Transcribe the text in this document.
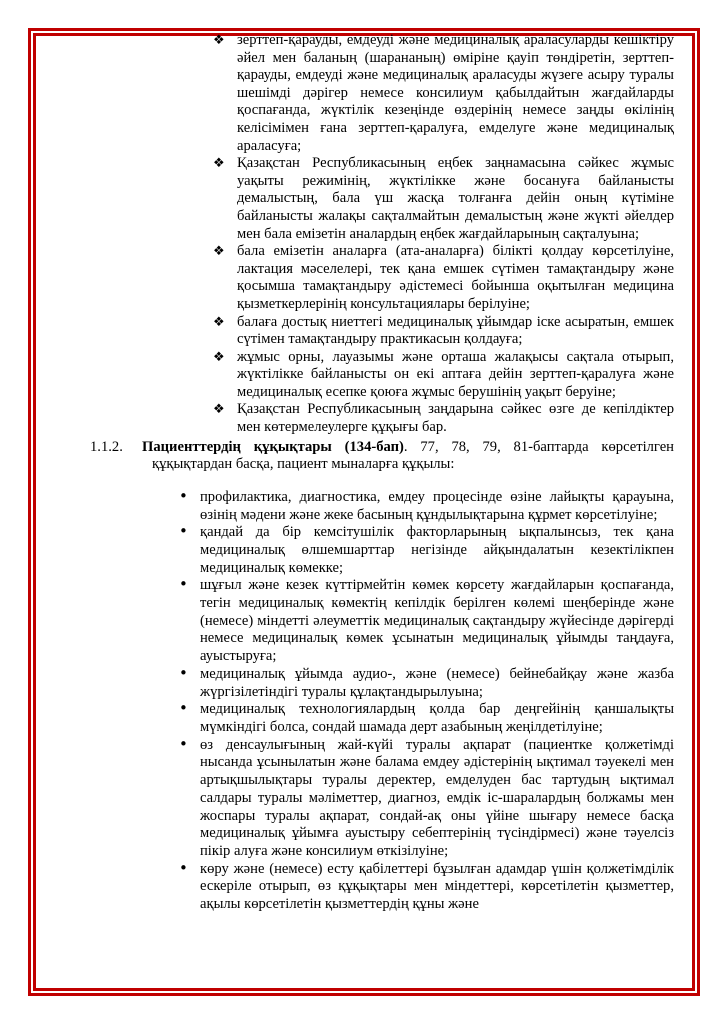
❖ зерттеп-қарауды, емдеуді және медициналық араласуларды кешіктіру әйел мен баланың (шарананың) өміріне қауіп төндіретін, зерттеп-қарауды, емдеуді және медициналық араласуды жүзеге асыру туралы шешімді дәрігер немесе консилиум қабылдайтын жағдайларды қоспағанда, жүктілік кезеңінде өздерінің немесе заңды өкілінің келісімімен ғана зерттеп-қаралуға, емделуге және медициналық араласуға;
❖ Қазақстан Республикасының еңбек заңнамасына сәйкес жұмыс уақыты режимінің, жүктілікке және босануға байланысты демалыстың, бала үш жасқа толғанға дейін оның күтіміне байланысты жалақы сақталмайтын демалыстың және жүкті әйелдер мен бала емізетін аналардың еңбек жағдайларының сақталуына;
❖ бала емізетін аналарға (ата-аналарға) білікті қолдау көрсетілуіне, лактация мәселелері, тек қана емшек сүтімен тамақтандыру және қосымша тамақтандыру әдістемесі бойынша оқытылған медицина қызметкерлерінің консультациялары берілуіне;
❖ балаға достық ниеттегі медициналық ұйымдар іске асыратын, емшек сүтімен тамақтандыру практикасын қолдауға;
❖ жұмыс орны, лауазымы және орташа жалақысы сақтала отырып, жүктілікке байланысты он екі аптаға дейін зерттеп-қаралуға және медициналық есепке қоюға жұмыс берушінің уақыт беруіне;
❖ Қазақстан Республикасының заңдарына сәйкес өзге де кепілдіктер мен көтермелеулерге құқығы бар.

1.1.2. Пациенттердің құқықтары (134-бап). 77, 78, 79, 81-баптарда көрсетілген құқықтардан басқа, пациент мыналарға құқылы:

• профилактика, диагностика, емдеу процесінде өзіне лайықты қарауына, өзінің мәдени және жеке басының құндылықтарына құрмет көрсетілуіне;
• қандай да бір кемсітушілік факторларының ықпалынсыз, тек қана медициналық өлшемшарттар негізінде айқындалатын кезектілікпен медициналық көмекке;
• шұғыл және кезек күттірмейтін көмек көрсету жағдайларын қоспағанда, тегін медициналық көмектің кепілдік берілген көлемі шеңберінде және (немесе) міндетті әлеуметтік медициналық сақтандыру жүйесінде дәрігерді немесе медициналық көмек ұсынатын медициналық ұйымды таңдауға, ауыстыруға;
• медициналық ұйымда аудио-, және (немесе) бейнебайқау және жазба жүргізілетіндігі туралы құлақтандырылуына;
• медициналық технологиялардың қолда бар деңгейінің қаншалықты мүмкіндігі болса, сондай шамада дерт азабының жеңілдетілуіне;
• өз денсаулығының жай-күйі туралы ақпарат (пациентке қолжетімді нысанда ұсынылатын және балама емдеу әдістерінің ықтимал тәуекелі мен артықшылықтары туралы деректер, емделуден бас тартудың ықтимал салдары туралы мәліметтер, диагноз, емдік іс-шаралардың болжамы мен жоспары туралы ақпарат, сондай-ақ оны үйіне шығару немесе басқа медициналық ұйымға ауыстыру себептерінің түсіндірмесі) және тәуелсіз пікір алуға және консилиум өткізілуіне;
• көру және (немесе) есту қабілеттері бұзылған адамдар үшін қолжетімділік ескеріле отырып, өз құқықтары мен міндеттері, көрсетілетін қызметтер, ақылы көрсетілетін қызметтердің құны және
